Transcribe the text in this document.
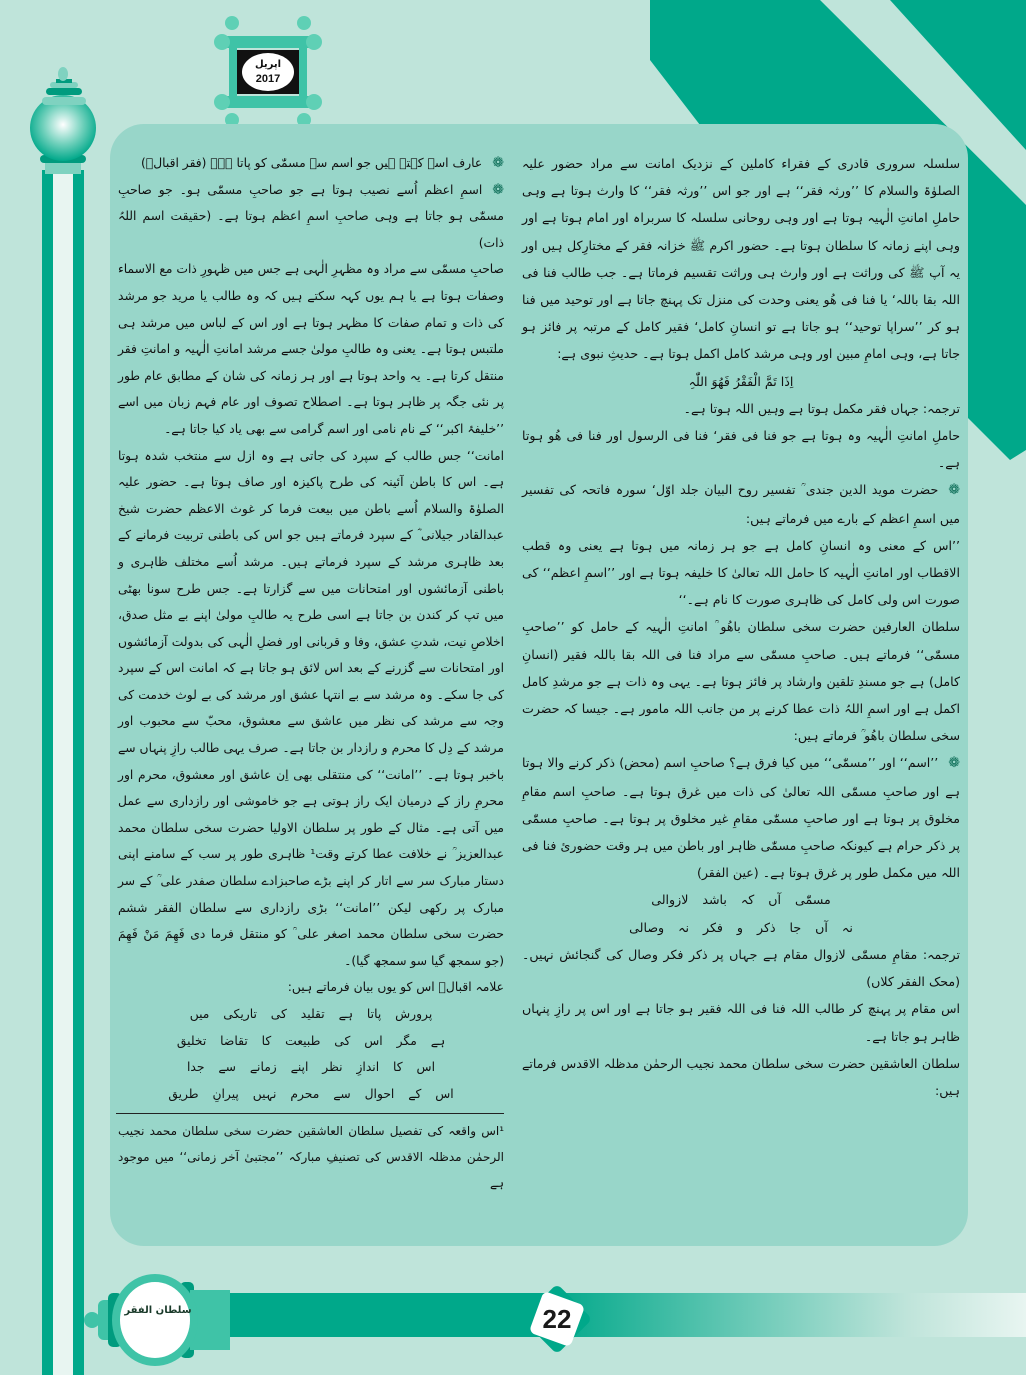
اپریل
2017

سلسلہ سروری قادری کے فقراء کاملین کے نزدیک امانت سے مراد حضور علیہ الصلوٰۃ والسلام کا ’’ورثہ فقر‘‘ ہے اور جو اس ’’ورثہ فقر‘‘ کا وارث ہوتا ہے وہی حاملِ امانتِ الٰہیہ ہوتا ہے اور وہی روحانی سلسلہ کا سربراہ اور امام ہوتا ہے اور وہی اپنے زمانہ کا سلطان ہوتا ہے۔ حضور اکرم ﷺ خزانہ فقر کے مختارِکل ہیں اور یہ آپ ﷺ کی وراثت ہے اور وارث ہی وراثت تقسیم فرماتا ہے۔ جب طالب فنا فی اللہ بقا باللہ‘ یا فنا فی ھُو یعنی وحدت کی منزل تک پہنچ جاتا ہے اور توحید میں فنا ہو کر ’’سراپا توحید‘‘ ہو جاتا ہے تو انسانِ کامل‘ فقیر کامل کے مرتبہ پر فائز ہو جاتا ہے، وہی امامِ مبین اور وہی مرشد کامل اکمل ہوتا ہے۔ حدیثِ نبوی ہے:

اِذَا تَمَّ الْفَقْرُ فَھُوَ اللّٰہِ

ترجمہ: جہاں فقر مکمل ہوتا ہے وہیں اللہ ہوتا ہے۔

حاملِ امانتِ الٰہیہ وہ ہوتا ہے جو فنا فی فقر‘ فنا فی الرسول اور فنا فی ھُو ہوتا ہے۔

❁حضرت موید الدین جندی ؒ تفسیر روح البیان جلد اوّل‘ سورہ فاتحہ کی تفسیر میں اسمِ اعظم کے بارے میں فرماتے ہیں:

’’اس کے معنی وہ انسانِ کامل ہے جو ہر زمانہ میں ہوتا ہے یعنی وہ قطب الاقطاب اور امانتِ الٰہیہ کا حامل اللہ تعالیٰ کا خلیفہ ہوتا ہے اور ’’اسمِ اعظم‘‘ کی صورت اس ولی کامل کی ظاہری صورت کا نام ہے۔‘‘

سلطان العارفین حضرت سخی سلطان باھُو ؒ امانتِ الٰہیہ کے حامل کو ’’صاحبِ مسمّٰی‘‘ فرماتے ہیں۔ صاحبِ مسمّٰی سے مراد فنا فی اللہ بقا باللہ فقیر (انسانِ کامل) ہے جو مسندِ تلقین وارشاد پر فائز ہوتا ہے۔ یہی وہ ذات ہے جو مرشدِ کامل اکمل ہے اور اسمِ اللہُ ذات عطا کرنے پر من جانب اللہ مامور ہے۔ جیسا کہ حضرت سخی سلطان باھُو ؒ فرماتے ہیں:

❁’’اسم‘‘ اور ’’مسمّٰی‘‘ میں کیا فرق ہے؟ صاحبِ اسم (محض) ذکر کرنے والا ہوتا ہے اور صاحبِ مسمّٰی اللہ تعالیٰ کی ذات میں غرق ہوتا ہے۔ صاحبِ اسم مقامِ مخلوق پر ہوتا ہے اور صاحبِ مسمّٰی مقامِ غیر مخلوق پر ہوتا ہے۔ صاحبِ مسمّٰی پر ذکر حرام ہے کیونکہ صاحبِ مسمّٰی ظاہر اور باطن میں ہر وقت حضوریٔ فنا فی اللہ میں مکمل طور پر غرق ہوتا ہے۔ (عین الفقر)

مسمّٰی آں کہ باشد لازوالی

نہ آں جا ذکر و فکر نہ وصالی

ترجمہ: مقامِ مسمّٰی لازوال مقام ہے جہاں پر ذکر فکر وصال کی گنجائش نہیں۔ (محک الفقر کلاں)

اس مقام پر پہنچ کر طالب اللہ فنا فی اللہ فقیر ہو جاتا ہے اور اس پر رازِ پنہاں ظاہر ہو جاتا ہے۔

سلطان العاشقین حضرت سخی سلطان محمد نجیب الرحمٰن مدظلہ الاقدس فرماتے ہیں:

❁عارف اسے کہتے ہیں جو اسم سے مسمّٰی کو پاتا ہے۔ (فقر اقبالؒ)

❁اسمِ اعظم اُسے نصیب ہوتا ہے جو صاحبِ مسمّٰی ہو۔ جو صاحبِ مسمّٰی ہو جاتا ہے وہی صاحبِ اسمِ اعظم ہوتا ہے۔ (حقیقت اسم اللہُ ذات)

صاحبِ مسمّٰی سے مراد وہ مظہرِ الٰہی ہے جس میں ظہورِ ذات مع الاسماء وصفات ہوتا ہے یا ہم یوں کہہ سکتے ہیں کہ وہ طالب یا مرید جو مرشد کی ذات و تمام صفات کا مظہر ہوتا ہے اور اس کے لباس میں مرشد ہی ملتبس ہوتا ہے۔ یعنی وہ طالبِ مولیٰ جسے مرشد امانتِ الٰہیہ و امانتِ فقر منتقل کرتا ہے۔ یہ واحد ہوتا ہے اور ہر زمانہ کی شان کے مطابق عام طور پر نئی جگہ پر ظاہر ہوتا ہے۔ اصطلاح تصوف اور عام فہم زبان میں اسے ’’خلیفۂ اکبر‘‘ کے نام نامی اور اسم گرامی سے بھی یاد کیا جاتا ہے۔

امانت‘‘ جس طالب کے سپرد کی جاتی ہے وہ ازل سے منتخب شدہ ہوتا ہے۔ اس کا باطن آئینہ کی طرح پاکیزہ اور صاف ہوتا ہے۔ حضور علیہ الصلوٰۃ والسلام اُسے باطن میں بیعت فرما کر غوث الاعظم حضرت شیخ عبدالقادر جیلانی ؓ کے سپرد فرماتے ہیں جو اس کی باطنی تربیت فرمانے کے بعد ظاہری مرشد کے سپرد فرماتے ہیں۔ مرشد اُسے مختلف ظاہری و باطنی آزمائشوں اور امتحانات میں سے گزارتا ہے۔ جس طرح سونا بھٹی میں تپ کر کندن بن جاتا ہے اسی طرح یہ طالبِ مولیٰ اپنے بے مثل صدق، اخلاصِ نیت، شدتِ عشق، وفا و قربانی اور فضلِ الٰہی کی بدولت آزمائشوں اور امتحانات سے گزرنے کے بعد اس لائق ہو جاتا ہے کہ امانت اس کے سپرد کی جا سکے۔ وہ مرشد سے بے انتہا عشق اور مرشد کی بے لوث خدمت کی وجہ سے مرشد کی نظر میں عاشق سے معشوق، محبّ سے محبوب اور مرشد کے دِل کا محرم و رازدار بن جاتا ہے۔ صرف یہی طالب رازِ پنہاں سے باخبر ہوتا ہے۔ ’’امانت‘‘ کی منتقلی بھی اِن عاشق اور معشوق، محرم اور محرمِ راز کے درمیان ایک راز ہوتی ہے جو خاموشی اور رازداری سے عمل میں آتی ہے۔ مثال کے طور پر سلطان الاولیا حضرت سخی سلطان محمد عبدالعزیز ؒ نے خلافت عطا کرتے وقت¹ ظاہری طور پر سب کے سامنے اپنی دستار مبارک سر سے اتار کر اپنے بڑے صاحبزادے سلطان صفدر علی ؒ کے سر مبارک پر رکھی لیکن ’’امانت‘‘ بڑی رازداری سے سلطان الفقر ششم حضرت سخی سلطان محمد اصغر علی ؒ کو منتقل فرما دی فَھِمَ مَنْ فَھِمَ (جو سمجھ گیا سو سمجھ گیا)۔

علامہ اقبالؒ اس کو یوں بیان فرماتے ہیں:

پرورش پاتا ہے تقلید کی تاریکی میں

ہے مگر اس کی طبیعت کا تقاضا تخلیق

اس کا اندازِ نظر اپنے زمانے سے جدا

اس کے احوال سے محرم نہیں پیرانِ طریق

¹اس واقعہ کی تفصیل سلطان العاشقین حضرت سخی سلطان محمد نجیب الرحمٰن مدظلہ الاقدس کی تصنیفِ مبارکہ ’’مجتبیٰ آخر زمانی‘‘ میں موجود ہے

سلطان الفقر	22
